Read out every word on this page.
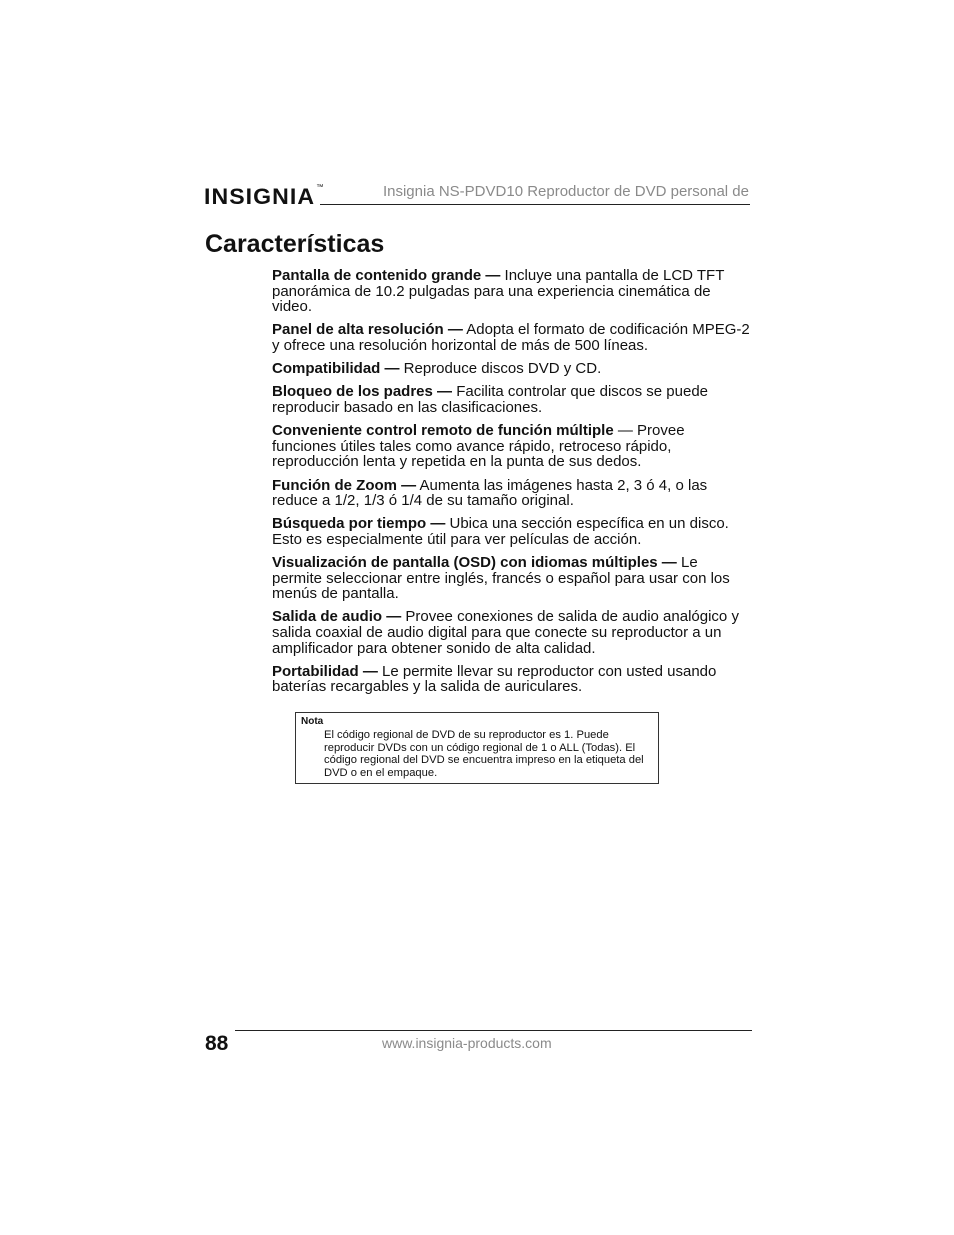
INSIGNIA™	Insignia NS-PDVD10 Reproductor de DVD personal de
Características

Pantalla de contenido grande — Incluye una pantalla de LCD TFT panorámica de 10.2 pulgadas para una experiencia cinemática de video.

Panel de alta resolución — Adopta el formato de codificación MPEG-2 y ofrece una resolución horizontal de más de 500 líneas.

Compatibilidad — Reproduce discos DVD y CD.

Bloqueo de los padres — Facilita controlar que discos se puede reproducir basado en las clasificaciones.

Conveniente control remoto de función múltiple — Provee funciones útiles tales como avance rápido, retroceso rápido, reproducción lenta y repetida en la punta de sus dedos.

Función de Zoom — Aumenta las imágenes hasta 2, 3 ó 4, o las reduce a 1/2, 1/3 ó 1/4 de su tamaño original.

Búsqueda por tiempo — Ubica una sección específica en un disco. Esto es especialmente útil para ver películas de acción.

Visualización de pantalla (OSD) con idiomas múltiples — Le permite seleccionar entre inglés, francés o español para usar con los menús de pantalla.

Salida de audio — Provee conexiones de salida de audio analógico y salida coaxial de audio digital para que conecte su reproductor a un amplificador para obtener sonido de alta calidad.

Portabilidad — Le permite llevar su reproductor con usted usando baterías recargables y la salida de auriculares.

Nota
El código regional de DVD de su reproductor es 1. Puede reproducir DVDs con un código regional de 1 o ALL (Todas). El código regional del DVD se encuentra impreso en la etiqueta del DVD o en el empaque.
88	www.insignia-products.com
